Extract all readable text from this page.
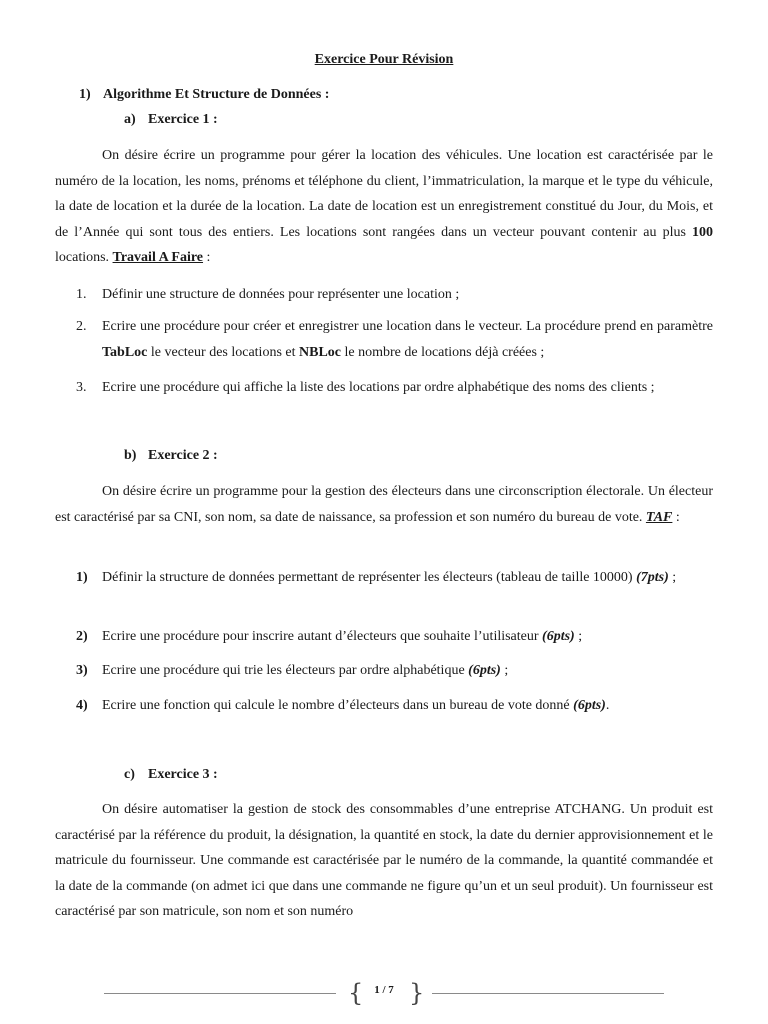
Exercice Pour Révision
1) Algorithme Et Structure de Données :
a) Exercice 1 :

On désire écrire un programme pour gérer la location des véhicules. Une location est caractérisée par le numéro de la location, les noms, prénoms et téléphone du client, l’immatriculation, la marque et le type du véhicule, la date de location et la durée de la location. La date de location est un enregistrement constitué du Jour, du Mois, et de l’Année qui sont tous des entiers. Les locations sont rangées dans un vecteur pouvant contenir au plus 100 locations. Travail A Faire :

1.	Définir une structure de données pour représenter une location ;

2.	Ecrire une procédure pour créer et enregistrer une location dans le vecteur. La procédure prend en paramètre TabLoc le vecteur des locations et NBLoc le nombre de locations déjà créées ;

3.	Ecrire une procédure qui affiche la liste des locations par ordre alphabétique des noms des clients ;

b) Exercice 2 :

On désire écrire un programme pour la gestion des électeurs dans une circonscription électorale. Un électeur est caractérisé par sa CNI, son nom, sa date de naissance, sa profession et son numéro du bureau de vote. TAF :

1)	Définir la structure de données permettant de représenter les électeurs (tableau de taille 10000) (7pts) ;

2)	Ecrire une procédure pour inscrire autant d’électeurs que souhaite l’utilisateur (6pts) ;

3)	Ecrire une procédure qui trie les électeurs par ordre alphabétique (6pts) ;

4)	Ecrire une fonction qui calcule le nombre d’électeurs dans un bureau de vote donné (6pts).

c) Exercice 3 :

On désire automatiser la gestion de stock des consommables d’une entreprise ATCHANG. Un produit est caractérisé par la référence du produit, la désignation, la quantité en stock, la date du dernier approvisionnement et le matricule du fournisseur. Une commande est caractérisée par le numéro de la commande, la quantité commandée et la date de la commande (on admet ici que dans une commande ne figure qu’un et un seul produit). Un fournisseur est caractérisé par son matricule, son nom et son numéro

{ }
1 / 7
